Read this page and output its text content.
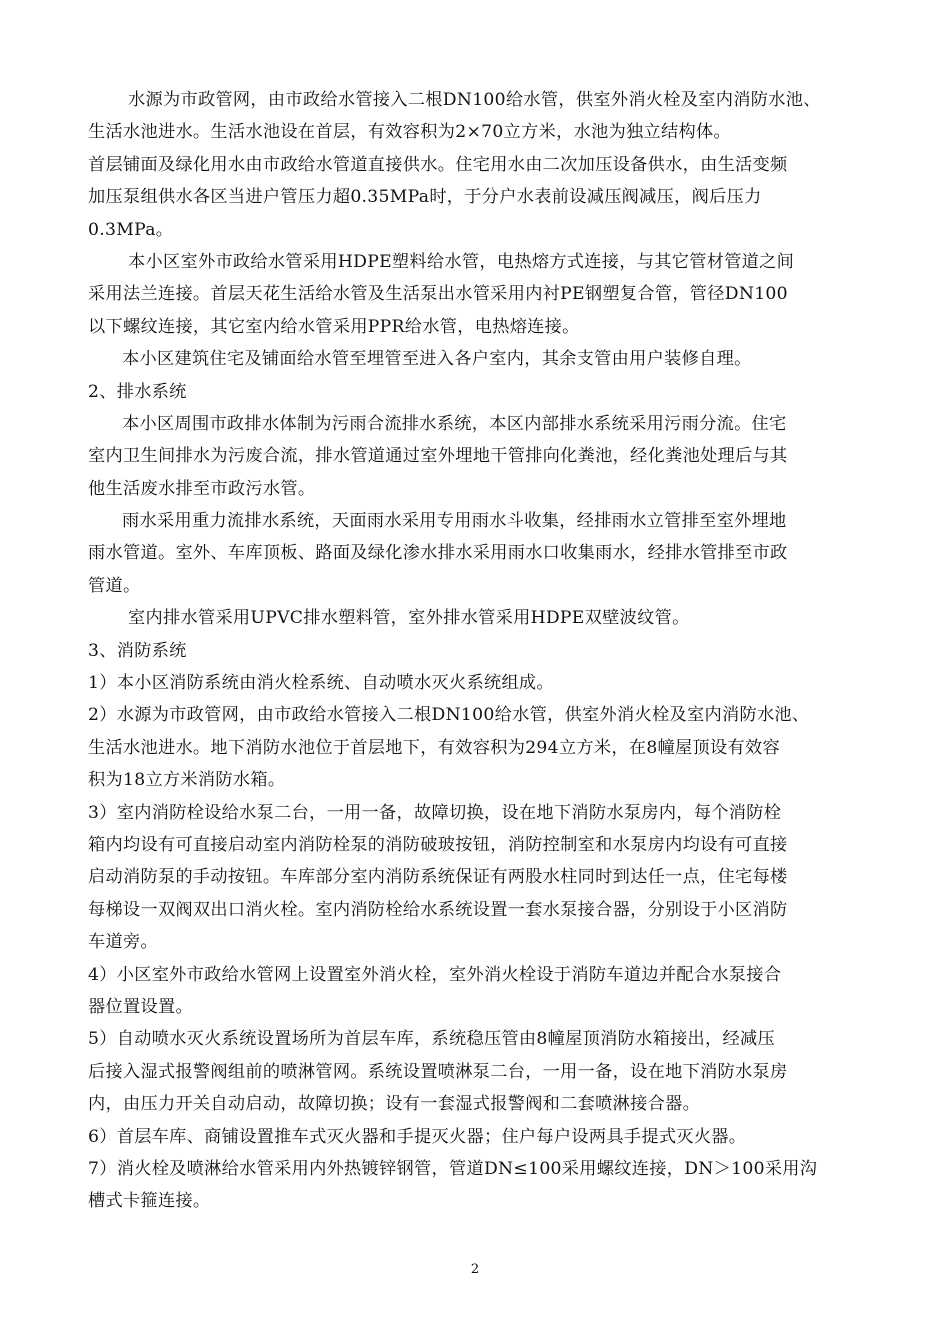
水源为市政管网，由市政给水管接入二根DN100给水管，供室外消火栓及室内消防水池、
生活水池进水。生活水池设在首层，有效容积为2×70立方米，水池为独立结构体。
首层铺面及绿化用水由市政给水管道直接供水。住宅用水由二次加压设备供水，由生活变频
加压泵组供水各区当进户管压力超0.35MPa时，于分户水表前设减压阀减压，阀后压力
0.3MPa。
本小区室外市政给水管采用HDPE塑料给水管，电热熔方式连接，与其它管材管道之间
采用法兰连接。首层天花生活给水管及生活泵出水管采用内衬PE钢塑复合管，管径DN100
以下螺纹连接，其它室内给水管采用PPR给水管，电热熔连接。
本小区建筑住宅及铺面给水管至埋管至进入各户室内，其余支管由用户装修自理。
2、排水系统
本小区周围市政排水体制为污雨合流排水系统，本区内部排水系统采用污雨分流。住宅
室内卫生间排水为污废合流，排水管道通过室外埋地干管排向化粪池，经化粪池处理后与其
他生活废水排至市政污水管。
雨水采用重力流排水系统，天面雨水采用专用雨水斗收集，经排雨水立管排至室外埋地
雨水管道。室外、车库顶板、路面及绿化渗水排水采用雨水口收集雨水，经排水管排至市政
管道。
室内排水管采用UPVC排水塑料管，室外排水管采用HDPE双壁波纹管。
3、消防系统
1）本小区消防系统由消火栓系统、自动喷水灭火系统组成。
2）水源为市政管网，由市政给水管接入二根DN100给水管，供室外消火栓及室内消防水池、
生活水池进水。地下消防水池位于首层地下，有效容积为294立方米，在8幢屋顶设有效容
积为18立方米消防水箱。
3）室内消防栓设给水泵二台，一用一备，故障切换，设在地下消防水泵房内，每个消防栓
箱内均设有可直接启动室内消防栓泵的消防破玻按钮，消防控制室和水泵房内均设有可直接
启动消防泵的手动按钮。车库部分室内消防系统保证有两股水柱同时到达任一点，住宅每楼
每梯设一双阀双出口消火栓。室内消防栓给水系统设置一套水泵接合器，分别设于小区消防
车道旁。
4）小区室外市政给水管网上设置室外消火栓，室外消火栓设于消防车道边并配合水泵接合
器位置设置。
5）自动喷水灭火系统设置场所为首层车库，系统稳压管由8幢屋顶消防水箱接出，经减压
后接入湿式报警阀组前的喷淋管网。系统设置喷淋泵二台，一用一备，设在地下消防水泵房
内，由压力开关自动启动，故障切换；设有一套湿式报警阀和二套喷淋接合器。
6）首层车库、商铺设置推车式灭火器和手提灭火器；住户每户设两具手提式灭火器。
7）消火栓及喷淋给水管采用内外热镀锌钢管，管道DN≤100采用螺纹连接，DN＞100采用沟
槽式卡箍连接。
2
